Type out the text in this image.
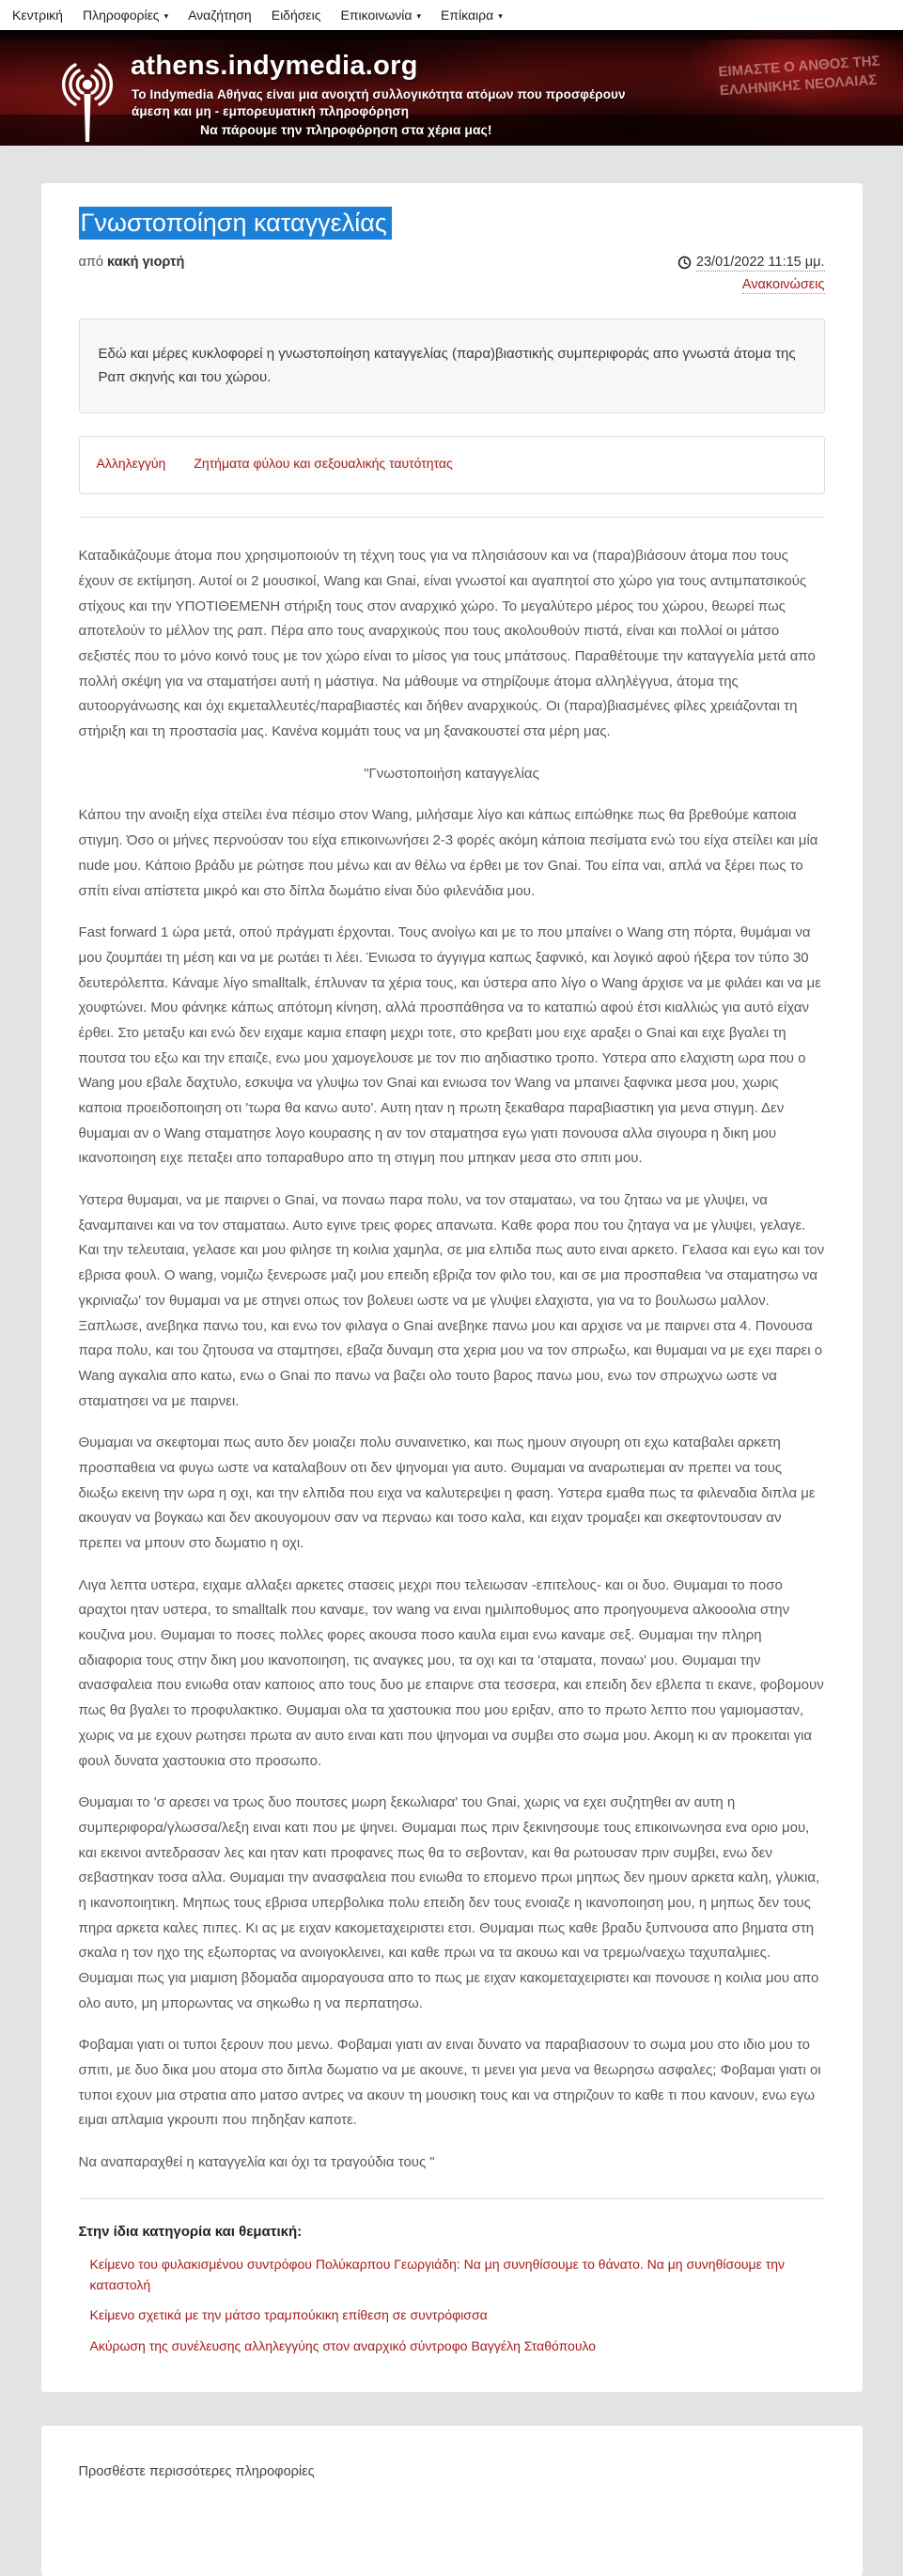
Κεντρική Πληροφορίες ▾ Αναζήτηση Ειδήσεις Επικοινωνία ▾ Επίκαιρα ▾
ΕΙΜΑΣΤΕ Ο ΑΝΘΟΣ ΤΗΣ ΕΛΛΗΝΙΚΗΣ ΝΕΟΛΑΙΑΣ
athens.indymedia.org
Το Indymedia Αθήνας είναι μια ανοιχτή συλλογικότητα ατόμων που προσφέρουν
άμεση και μη - εμπορευματική πληροφόρηση
Να πάρουμε την πληροφόρηση στα χέρια μας!
Γνωστοποίηση καταγγελίας
από κακή γιορτή	23/01/2022 11:15 μμ.
Ανακοινώσεις
Εδώ και μέρες κυκλοφορεί η γνωστοποίηση καταγγελίας (παρα)βιαστικής συμπεριφοράς απο γνωστά άτομα της Ραπ σκηνής και του χώρου.
Αλληλεγγύη Ζητήματα φύλου και σεξουαλικής ταυτότητας

Καταδικάζουμε άτομα που χρησιμοποιούν τη τέχνη τους για να πλησιάσουν και να (παρα)βιάσουν άτομα που τους έχουν σε εκτίμηση. Αυτοί οι 2 μουσικοί, Wang και Gnai, είναι γνωστοί και αγαπητοί στο χώρο για τους αντιμπατσικούς στίχους και την ΥΠΟΤΙΘΕΜΕΝΗ στήριξη τους στον αναρχικό χώρο. Το μεγαλύτερο μέρος του χώρου, θεωρεί πως αποτελούν το μέλλον της ραπ. Πέρα απο τους αναρχικούς που τους ακολουθούν πιστά, είναι και πολλοί οι μάτσο σεξιστές που το μόνο κοινό τους με τον χώρο είναι το μίσος για τους μπάτσους. Παραθέτουμε την καταγγελία μετά απο πολλή σκέψη για να σταματήσει αυτή η μάστιγα. Να μάθουμε να στηρίζουμε άτομα αλληλέγγυα, άτομα της αυτοοργάνωσης και όχι εκμεταλλευτές/παραβιαστές και δήθεν αναρχικούς. Οι (παρα)βιασμένες φίλες χρειάζονται τη στήριξη και τη προστασία μας. Κανένα κομμάτι τους να μη ξανακουστεί στα μέρη μας.

"Γνωστοποιήση καταγγελίας

Κάπου την ανοιξη είχα στείλει ένα πέσιμο στον Wang, μιλήσαμε λίγο και κάπως ειπώθηκε πως θα βρεθούμε καποια στιγμη. Όσο οι μήνες περνούσαν του είχα επικοινωνήσει 2-3 φορές ακόμη κάποια πεσίματα ενώ του είχα στείλει και μία nude μου. Κάποιο βράδυ με ρώτησε που μένω και αν θέλω να έρθει με τον Gnai. Του είπα ναι, απλά να ξέρει πως το σπίτι είναι απίστετα μικρό και στο δίπλα δωμάτιο είναι δύο φιλενάδια μου.

Fast forward 1 ώρα μετά, οπού πράγματι έρχονται. Τους ανοίγω και με το που μπαίνει ο Wang στη πόρτα, θυμάμαι να μου ζουμπάει τη μέση και να με ρωτάει τι λέει. Ένιωσα το άγγιγμα καπως ξαφνικό, και λογικό αφού ήξερα τον τύπο 30 δευτερόλεπτα. Κάναμε λίγο smalltalk, έπλυναν τα χέρια τους, και ύστερα απο λίγο ο Wang άρχισε να με φιλάει και να με χουφτώνει. Μου φάνηκε κάπως απότομη κίνηση, αλλά προσπάθησα να το καταπιώ αφού έτσι κιαλλιώς για αυτό είχαν έρθει. Στο μεταξυ και ενώ δεν ειχαμε καμια επαφη μεχρι τοτε, στο κρεβατι μου ειχε αραξει ο Gnai και ειχε βγαλει τη πουτσα του εξω και την επαιζε, ενω μου χαμογελουσε με τον πιο αηδιαστικο τροπο. Υστερα απο ελαχιστη ωρα που ο Wang μου εβαλε δαχτυλο, εσκυψα να γλυψω τον Gnai και ενιωσα τον Wang να μπαινει ξαφνικα μεσα μου, χωρις καποια προειδοποιηση οτι 'τωρα θα κανω αυτο'. Αυτη ηταν η πρωτη ξεκαθαρα παραβιαστικη για μενα στιγμη. Δεν θυμαμαι αν ο Wang σταματησε λογο κουρασης η αν τον σταματησα εγω γιατι πονουσα αλλα σιγουρα η δικη μου ικανοποιηση ειχε πεταξει απο τοπαραθυρο απο τη στιγμη που μπηκαν μεσα στο σπιτι μου.

Υστερα θυμαμαι, να με παιρνει ο Gnai, να ποναω παρα πολυ, να τον σταματαω, να του ζηταω να με γλυψει, να ξαναμπαινει και να τον σταματαω. Αυτο εγινε τρεις φορες απανωτα. Καθε φορα που του ζηταγα να με γλυψει, γελαγε. Και την τελευταια, γελασε και μου φιλησε τη κοιλια χαμηλα, σε μια ελπιδα πως αυτο ειναι αρκετο. Γελασα και εγω και τον εβρισα φουλ. Ο wang, νομιζω ξενερωσε μαζι μου επειδη εβριζα τον φιλο του, και σε μια προσπαθεια 'να σταματησω να γκρινιαζω' τον θυμαμαι να με στηνει οπως τον βολευει ωστε να με γλυψει ελαχιστα, για να το βουλωσω μαλλον. Ξαπλωσε, ανεβηκα πανω του, και ενω τον φιλαγα ο Gnai ανεβηκε πανω μου και αρχισε να με παιρνει στα 4. Πονουσα παρα πολυ, και του ζητουσα να σταμτησει, εβαζα δυναμη στα χερια μου να τον σπρωξω, και θυμαμαι να με εχει παρει ο Wang αγκαλια απο κατω, ενω ο Gnai πο πανω να βαζει ολο τουτο βαρος πανω μου, ενω τον σπρωχνω ωστε να σταματησει να με παιρνει.

Θυμαμαι να σκεφτομαι πως αυτο δεν μοιαζει πολυ συναινετικο, και πως ημουν σιγουρη οτι εχω καταβαλει αρκετη προσπαθεια να φυγω ωστε να καταλαβουν οτι δεν ψηνομαι για αυτο. Θυμαμαι να αναρωτιεμαι αν πρεπει να τους διωξω εκεινη την ωρα η οχι, και την ελπιδα που ειχα να καλυτερεψει η φαση. Υστερα εμαθα πως τα φιλεναδια διπλα με ακουγαν να βογκαω και δεν ακουγομουν σαν να περναω και τοσο καλα, και ειχαν τρομαξει και σκεφτοντουσαν αν πρεπει να μπουν στο δωματιο η οχι.

Λιγα λεπτα υστερα, ειχαμε αλλαξει αρκετες στασεις μεχρι που τελειωσαν -επιτελους- και οι δυο. Θυμαμαι το ποσο αραχτοι ηταν υστερα, το smalltalk που καναμε, τον wang να ειναι ημιλιποθυμος απο προηγουμενα αλκοοολια στην κουζινα μου. Θυμαμαι το ποσες πολλες φορες ακουσα ποσο καυλα ειμαι ενω καναμε σεξ. Θυμαμαι την πληρη αδιαφορια τους στην δικη μου ικανοποιηση, τις αναγκες μου, τα οχι και τα 'σταματα, ποναω' μου. Θυμαμαι την ανασφαλεια που ενιωθα οταν καποιος απο τους δυο με επαιρνε στα τεσσερα, και επειδη δεν εβλεπα τι εκανε, φοβομουν πως θα βγαλει το προφυλακτικο. Θυμαμαι ολα τα χαστουκια που μου εριξαν, απο το πρωτο λεπτο που γαμιομασταν, χωρις να με εχουν ρωτησει πρωτα αν αυτο ειναι κατι που ψηνομαι να συμβει στο σωμα μου. Ακομη κι αν προκειται για φουλ δυνατα χαστουκια στο προσωπο.

Θυμαμαι το 'σ αρεσει να τρως δυο πουτσες μωρη ξεκωλιαρα' του Gnai, χωρις να εχει συζητηθει αν αυτη η συμπεριφορα/γλωσσα/λεξη ειναι κατι που με ψηνει. Θυμαμαι πως πριν ξεκινησουμε τους επικοινωνησα ενα οριο μου, και εκεινοι αντεδρασαν λες και ηταν κατι προφανες πως θα το σεβονταν, και θα ρωτουσαν πριν συμβει, ενω δεν σεβαστηκαν τοσα αλλα. Θυμαμαι την ανασφαλεια που ενιωθα το επομενο πρωι μηπως δεν ημουν αρκετα καλη, γλυκια, η ικανοποιητικη. Μηπως τους εβρισα υπερβολικα πολυ επειδη δεν τους ενοιαζε η ικανοποιηση μου, η μηπως δεν τους πηρα αρκετα καλες πιπες. Κι ας με ειχαν κακομεταχειριστει ετσι. Θυμαμαι πως καθε βραδυ ξυπνουσα απο βηματα στη σκαλα η τον ηχο της εξωπορτας να ανοιγοκλεινει, και καθε πρωι να τα ακουω και να τρεμω/ναεχω ταχυπαλμιες. Θυμαμαι πως για μιαμιση βδομαδα αιμοραγουσα απο το πως με ειχαν κακομεταχειριστει και πονουσε η κοιλια μου απο ολο αυτο, μη μπορωντας να σηκωθω η να περπατησω.

Φοβαμαι γιατι οι τυποι ξερουν που μενω. Φοβαμαι γιατι αν ειναι δυνατο να παραβιασουν το σωμα μου στο ιδιο μου το σπιτι, με δυο δικα μου ατομα στο διπλα δωματιο να με ακουνε, τι μενει για μενα να θεωρησω ασφαλες; Φοβαμαι γιατι οι τυποι εχουν μια στρατια απο ματσο αντρες να ακουν τη μουσικη τους και να στηριζουν το καθε τι που κανουν, ενω εγω ειμαι απλαμια γκρουπι που πηδηξαν καποτε.

Να αναπαραχθεί η καταγγελία και όχι τα τραγούδια τους "

Στην ίδια κατηγορία και θεματική:
Κείμενο του φυλακισμένου συντρόφου Πολύκαρπου Γεωργιάδη: Να μη συνηθίσουμε το θάνατο. Να μη συνηθίσουμε την καταστολή
Κείμενο σχετικά με την μάτσο τραμπούκικη επίθεση σε συντρόφισσα
Ακύρωση της συνέλευσης αλληλεγγύης στον αναρχικό σύντροφο Βαγγέλη Σταθόπουλο
Προσθέστε περισσότερες πληροφορίες
